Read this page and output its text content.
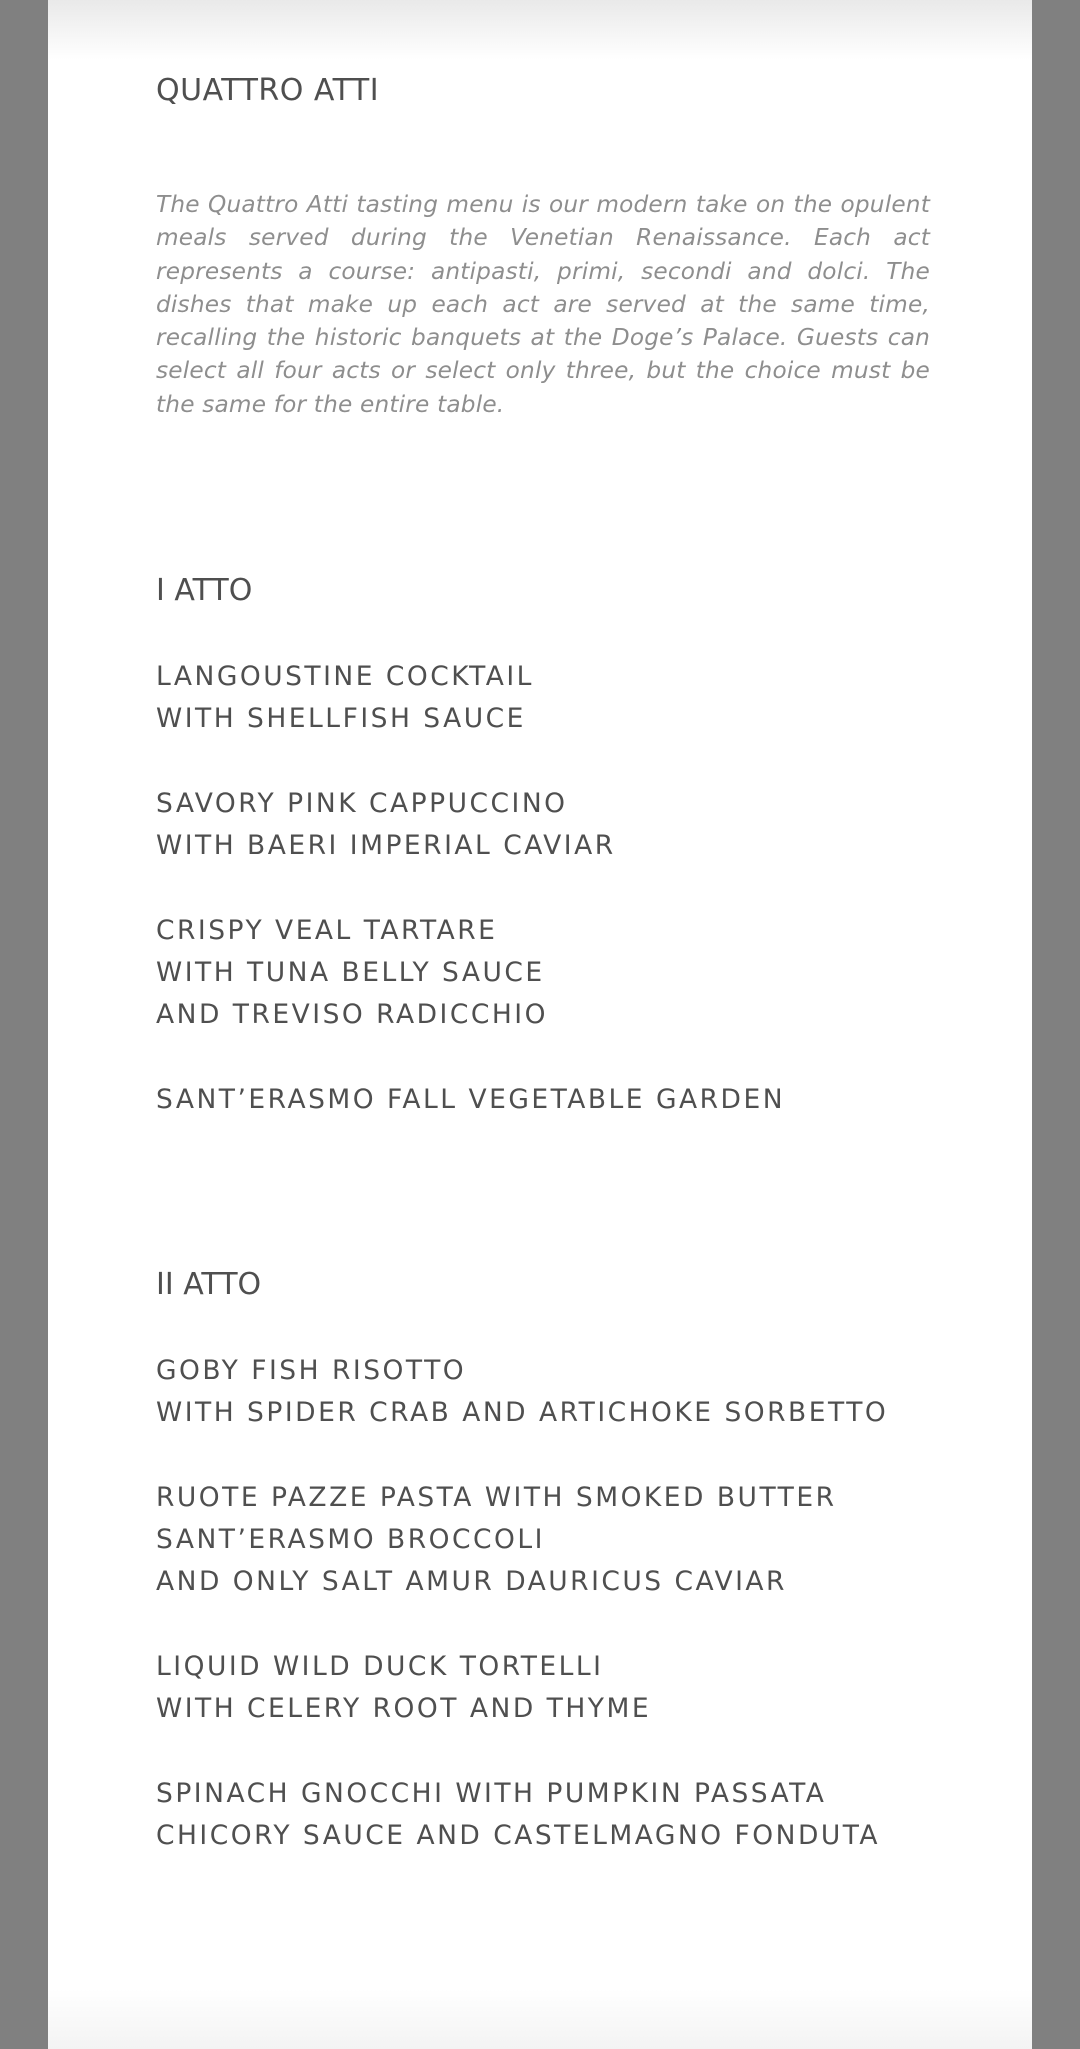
QUATTRO ATTI

The Quattro Atti tasting menu is our modern take on the opulent meals served during the Venetian Renaissance. Each act represents a course: antipasti, primi, secondi and dolci. The dishes that make up each act are served at the same time, recalling the historic banquets at the Doge’s Palace. Guests can select all four acts or select only three, but the choice must be the same for the entire table.

I ATTO
LANGOUSTINE COCKTAIL
WITH SHELLFISH SAUCE
SAVORY PINK CAPPUCCINO
WITH BAERI IMPERIAL CAVIAR
CRISPY VEAL TARTARE
WITH TUNA BELLY SAUCE
AND TREVISO RADICCHIO
SANT’ERASMO FALL VEGETABLE GARDEN
II ATTO
GOBY FISH RISOTTO
WITH SPIDER CRAB AND ARTICHOKE SORBETTO
RUOTE PAZZE PASTA WITH SMOKED BUTTER
SANT’ERASMO BROCCOLI
AND ONLY SALT AMUR DAURICUS CAVIAR
LIQUID WILD DUCK TORTELLI
WITH CELERY ROOT AND THYME
SPINACH GNOCCHI WITH PUMPKIN PASSATA
CHICORY SAUCE AND CASTELMAGNO FONDUTA
